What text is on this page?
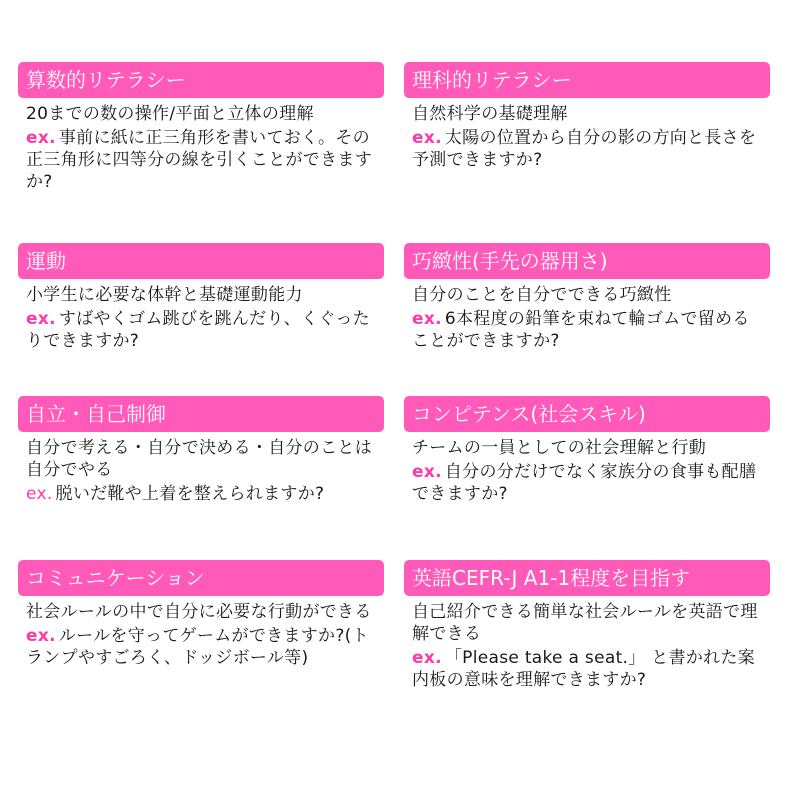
算数的リテラシー
20までの数の操作/平面と立体の理解
ex. 事前に紙に正三角形を書いておく。その正三角形に四等分の線を引くことができますか?
理科的リテラシー
自然科学の基礎理解
ex. 太陽の位置から自分の影の方向と長さを予測できますか?
運動
小学生に必要な体幹と基礎運動能力
ex. すばやくゴム跳びを跳んだり、くぐったりできますか?
巧緻性(手先の器用さ)
自分のことを自分でできる巧緻性
ex. 6本程度の鉛筆を束ねて輪ゴムで留めることができますか?
自立・自己制御
自分で考える・自分で決める・自分のことは自分でやる
ex. 脱いだ靴や上着を整えられますか?
コンピテンス(社会スキル)
チームの一員としての社会理解と行動
ex. 自分の分だけでなく家族分の食事も配膳できますか?
コミュニケーション
社会ルールの中で自分に必要な行動ができる
ex. ルールを守ってゲームができますか?(トランプやすごろく、ドッジボール等)
英語CEFR-J A1-1程度を目指す
自己紹介できる簡単な社会ルールを英語で理解できる
ex. 「Please take a seat.」 と書かれた案内板の意味を理解できますか?
